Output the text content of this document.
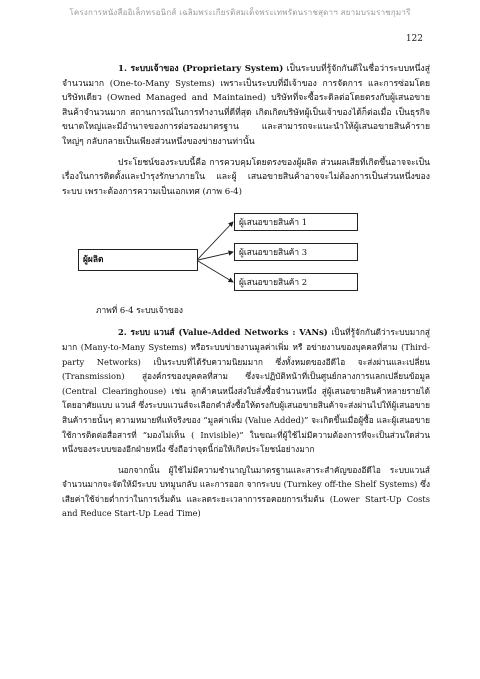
โครงการหนังสืออิเล็กทรอนิกส์ เฉลิมพระเกียรติสมเด็จพระเทพรัตนราชสุดาฯ สยามบรมราชกุมารี
122

1. ระบบเจ้าของ (Proprietary System) เป็นระบบที่รู้จักกันดีในชื่อว่าระบบหนึ่งสู่จำนวนมาก (One-to-Many Systems) เพราะเป็นระบบที่มีเจ้าของ การจัดการ และการซ่อมโดยบริษัทเดียว (Owned Managed and Maintained) บริษัทที่จะซื้อระดิลต่อโดยตรงกับผู้เสนอขายสินค้าจำนวนมาก สถานการณ์ในการทำงานที่ดีที่สุด เกิดเกิดบริษัทผู้เป็นเจ้าของได้ก็ต่อเมื่อ เป็นธุรกิจขนาดใหญ่และมีอำนาจของการต่อรองมาตรฐาน และสามารถจะแนะนำให้ผู้เสนอขายสินค้ารายใหญ่ๆ กลับกลายเป็นเพียงส่วนหนึ่งของข่ายงานท่านั้น

ประโยชน์ของระบบนี้คือ การควบคุมโดยตรงของผู้ผลิต ส่วนผลเสียที่เกิดขึ้นอาจจะเป็นเรื่องในการติดตั้งและบำรุงรักษาภายใน และผู้ เสนอขายสินค้าอาจจะไม่ต้องการเป็นส่วนหนึ่งของระบบ เพราะต้องการความเป็นเอกเทศ (ภาพ 6-4)

ผู้ผลิต
ผู้เสนอขายสินค้า 1
ผู้เสนอขายสินค้า 3
ผู้เสนอขายสินค้า 2
ภาพที่ 6-4 ระบบเจ้าของ

2. ระบบ แวนส์ (Value-Added Networks : VANs) เป็นที่รู้จักกันดีว่าระบบมากสู่มาก (Many-to-Many Systems) หรือระบบข่ายงานมูลค่าเพิ่ม หรื อข่ายงานของบุคคลที่สาม (Third-party Networks) เป็นระบบที่ได้รับความนิยมมาก ซึ่งทั้งหมดของอีดีไอ จะส่งผ่านและเปลี่ยน (Transmission) สู่องค์กรของบุคคลที่สาม ซึ่งจะปฏิบัติหน้าที่เป็นศูนย์กลางการแลกเปลี่ยนข้อมูล (Central Clearinghouse) เช่น ลูกค้าคนหนึ่งส่งใบสั่งซื้อจำนวนหนึ่ง สู่ผู้เสนอขายสินค้าหลายรายได้โดยอาศัยแบบ แวนส์ ซึ่งระบบแวนส์จะเลือกคำสั่งซื้อให้ตรงกับผู้เสนอขายสินค้าจะส่งผ่านไปให้ผู้เสนอขายสินค้ารายนั้นๆ ความหมายที่แท้จริงของ “มูลค่าเพิ่ม (Value Added)” จะเกิดขึ้นเมื่อผู้ซื้อ และผู้เสนอขายใช้การติดต่อสื่อสารที่ “มองไม่เห็น ( Invisible)” ในขณะที่ผู้ใช้ไม่มีความต้องการที่จะเป็นส่วนใดส่วนหนึ่งของระบบของอีกฝ่ายหนึ่ง ซึ่งถือว่าจุดนี้ก่อให้เกิดประโยชน์อย่างมาก

นอกจากนั้น ผู้ใช้ไม่มีความชำนาญในมาตรฐานและสาระสำคัญของอีดีไอ ระบบแวนส์จำนวนมากจะจัดให้มีระบบ บทมูนกลับ และการออก จากระบบ (Turnkey off-the Shelf Systems) ซึ่งเสียค่าใช้จ่ายต่ำกว่าในการเริ่มต้น และลดระยะเวลาการรอคอยการเริ่มต้น (Lower Start-Up Costs and Reduce Start-Up Lead Time)
